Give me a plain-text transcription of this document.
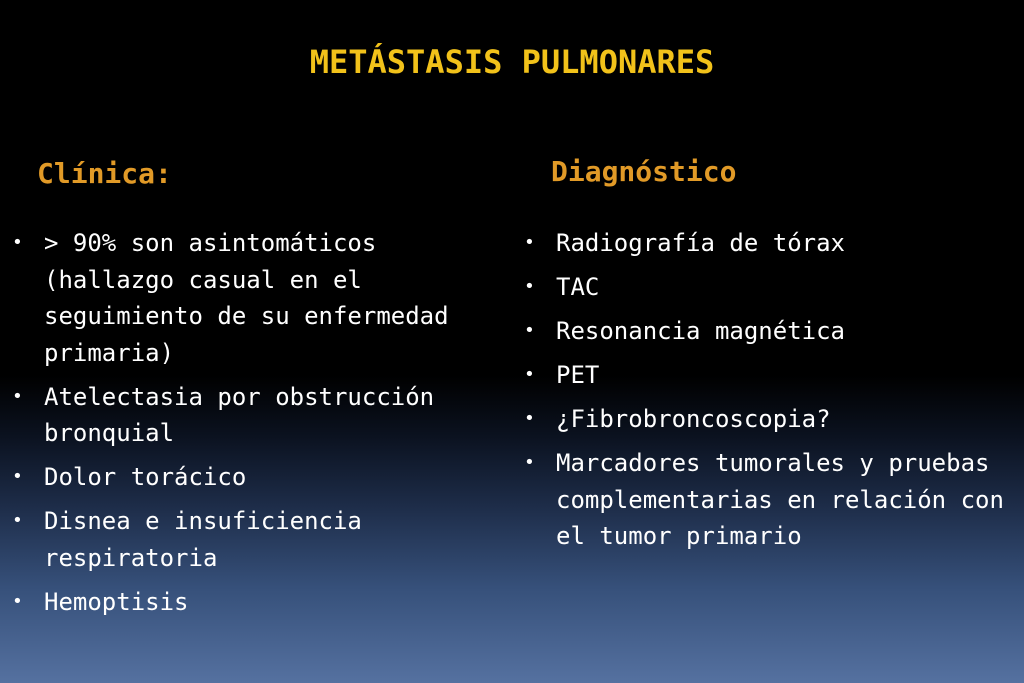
METÁSTASIS PULMONARES
Clínica:	Diagnóstico
• > 90% son asintomáticos (hallazgo casual en el seguimiento de su enfermedad primaria)
• Atelectasia por obstrucción bronquial
• Dolor torácico
• Disnea e insuficiencia respiratoria
• Hemoptisis
• Radiografía de tórax
• TAC
• Resonancia magnética
• PET
• ¿Fibrobroncoscopia?
• Marcadores tumorales y pruebas complementarias en relación con el tumor primario
